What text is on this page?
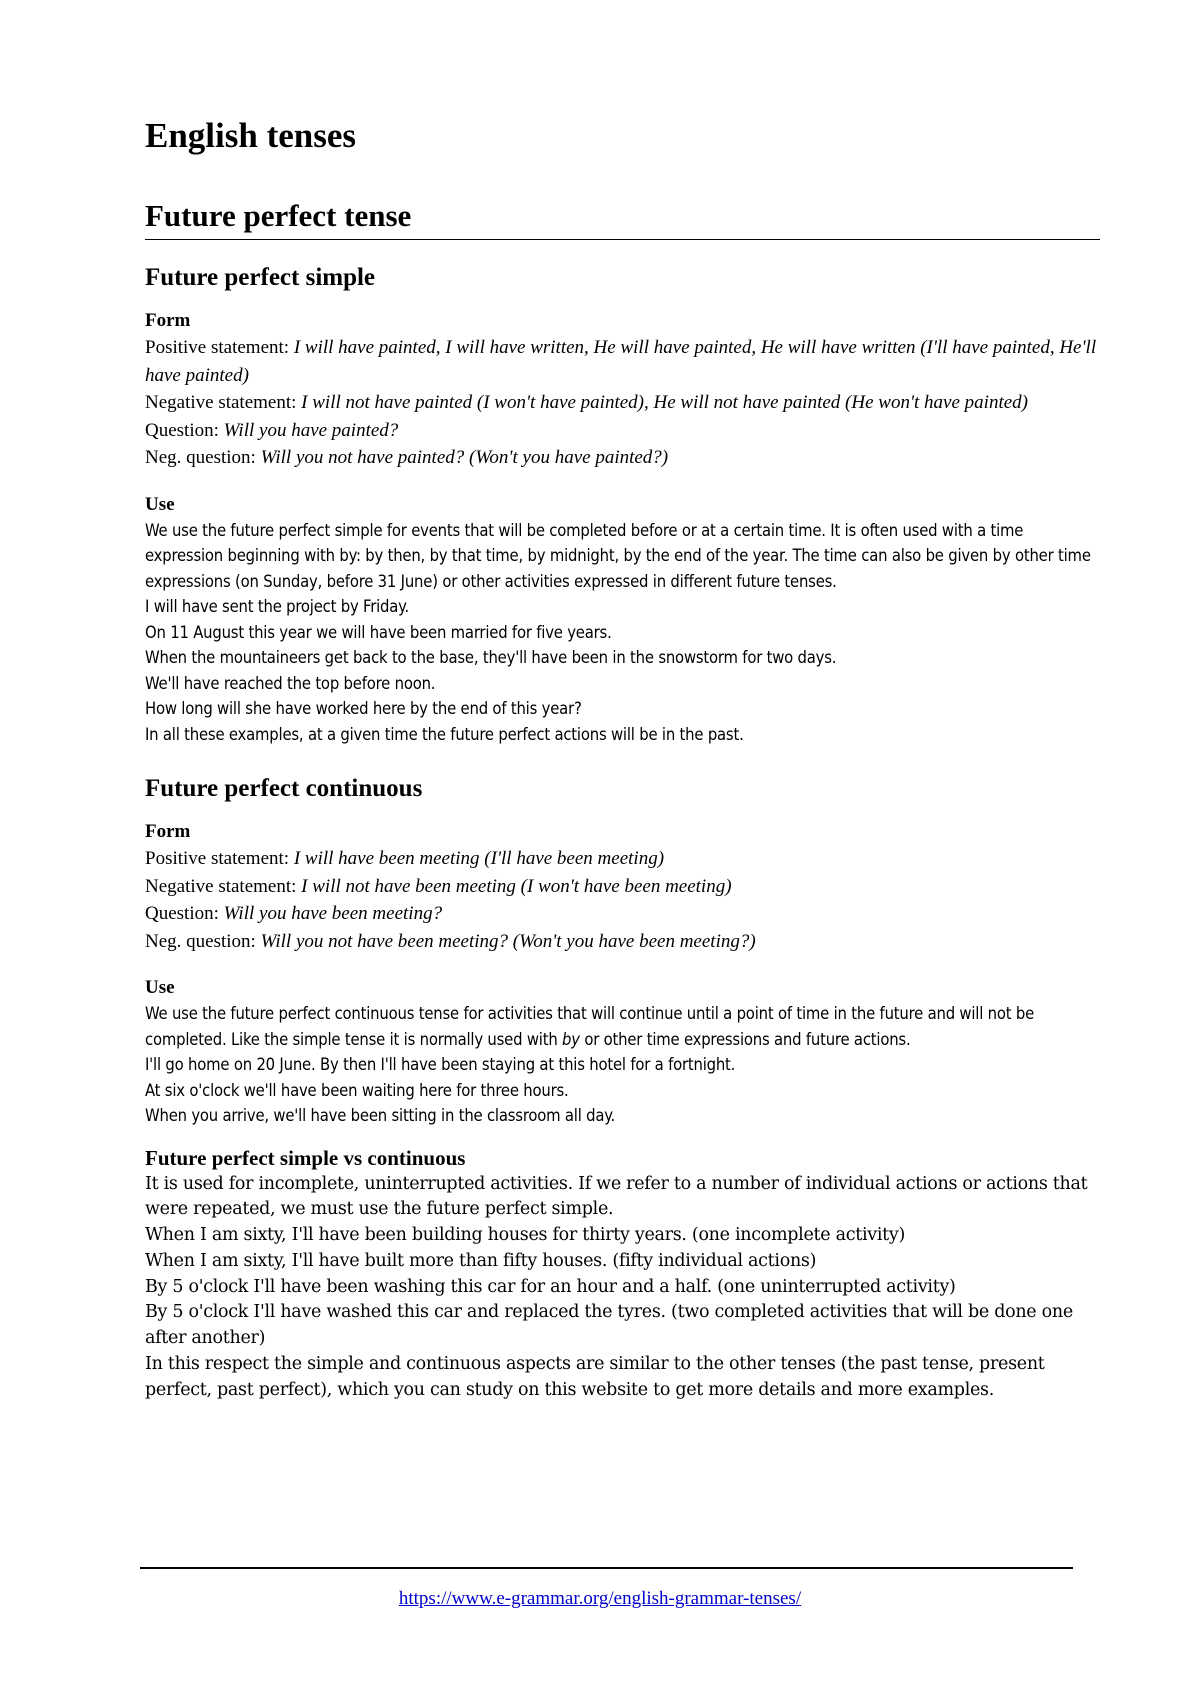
English tenses
Future perfect tense
Future perfect simple
Form
Positive statement: I will have painted, I will have written, He will have painted, He will have written (I'll have painted, He'll have painted)
Negative statement: I will not have painted (I won't have painted), He will not have painted (He won't have painted)
Question: Will you have painted?
Neg. question: Will you not have painted? (Won't you have painted?)
Use
We use the future perfect simple for events that will be completed before or at a certain time. It is often used with a time expression beginning with by: by then, by that time, by midnight, by the end of the year. The time can also be given by other time expressions (on Sunday, before 31 June) or other activities expressed in different future tenses.
I will have sent the project by Friday.
On 11 August this year we will have been married for five years.
When the mountaineers get back to the base, they'll have been in the snowstorm for two days.
We'll have reached the top before noon.
How long will she have worked here by the end of this year?
In all these examples, at a given time the future perfect actions will be in the past.
Future perfect continuous
Form
Positive statement: I will have been meeting (I'll have been meeting)
Negative statement: I will not have been meeting (I won't have been meeting)
Question: Will you have been meeting?
Neg. question: Will you not have been meeting? (Won't you have been meeting?)
Use
We use the future perfect continuous tense for activities that will continue until a point of time in the future and will not be completed. Like the simple tense it is normally used with by or other time expressions and future actions.
I'll go home on 20 June. By then I'll have been staying at this hotel for a fortnight.
At six o'clock we'll have been waiting here for three hours.
When you arrive, we'll have been sitting in the classroom all day.
Future perfect simple vs continuous
It is used for incomplete, uninterrupted activities. If we refer to a number of individual actions or actions that were repeated, we must use the future perfect simple.
When I am sixty, I'll have been building houses for thirty years. (one incomplete activity)
When I am sixty, I'll have built more than fifty houses. (fifty individual actions)
By 5 o'clock I'll have been washing this car for an hour and a half. (one uninterrupted activity)
By 5 o'clock I'll have washed this car and replaced the tyres. (two completed activities that will be done one after another)
In this respect the simple and continuous aspects are similar to the other tenses (the past tense, present perfect, past perfect), which you can study on this website to get more details and more examples.
https://www.e-grammar.org/english-grammar-tenses/
